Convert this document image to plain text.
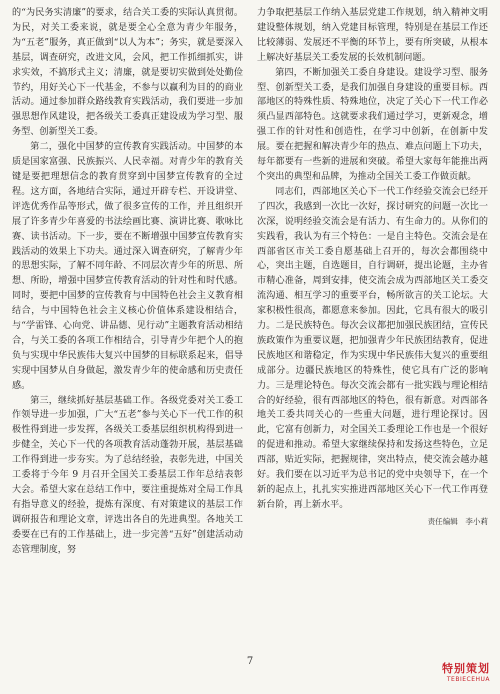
的“为民务实清廉”的要求，结合关工委的实际认真贯彻。为民，对关工委来说，就是要全心全意为青少年服务，为“五老”服务，真正做到“以人为本”；务实，就是要深入基层，调查研究，改进文风，会风，把工作抓细抓实，讲求实效，不搞形式主义；清廉，就是要切实做到处处勤俭节约，用好关心下一代基金，不参与以赢利为目的的商业活动。通过参加群众路线教育实践活动，我们要进一步加强思想作风建设，把各级关工委真正建设成为学习型、服务型、创新型关工委。

第二，强化中国梦的宣传教育实践活动。中国梦的本质是国家富强、民族振兴、人民幸福。对青少年的教育关键是要把理想信念的教育贯穿到中国梦宣传教育的全过程。这方面，各地结合实际，通过开辟专栏、开设讲堂、评选优秀作品等形式，做了很多宣传的工作，并且组织开展了许多青少年喜爱的书法绘画比赛、演讲比赛、歌咏比赛、读书活动。下一步，要在不断增强中国梦宣传教育实践活动的效果上下功夫。通过深入调查研究，了解青少年的思想实际，了解不同年龄、不同层次青少年的所思、所想、所盼，增强中国梦宣传教育活动的针对性和时代感。同时，要把中国梦的宣传教育与中国特色社会主义教育相结合，与中国特色社会主义核心价值体系建设相结合，与“学雷锋、心向党、讲品德、见行动”主题教育活动相结合，与关工委的各项工作相结合，引导青少年把个人的抱负与实现中华民族伟大复兴中国梦的目标联系起来，倡导实现中国梦从自身做起，激发青少年的使命感和历史责任感。

第三，继续抓好基层基础工作。各级党委对关工委工作领导进一步加强，广大“五老”参与关心下一代工作的积极性得到进一步发挥，各级关工委基层组织机构得到进一步健全，关心下一代的各项教育活动蓬勃开展，基层基础工作得到进一步夯实。为了总结经验，表彰先进，中国关工委将于今年 9 月召开全国关工委基层工作年总结表彰大会。希望大家在总结工作中，要注重提炼对全局工作具有指导意义的经验，提炼有深度、有对策建议的基层工作调研报告和理论文章，评选出各自的先进典型。各地关工委要在已有的工作基础上，进一步完善“五好”创建活动动态管理制度，努

力争取把基层工作纳入基层党建工作规划，纳入精神文明建设整体规划，纳入党建目标管理，特别是在基层工作还比较薄弱、发展还不平衡的环节上，要有所突破，从根本上解决好基层关工委发展的长效机制问题。

第四，不断加强关工委自身建设。建设学习型、服务型、创新型关工委，是我们加强自身建设的重要目标。西部地区的特殊性质、特殊地位，决定了关心下一代工作必须凸显西部特色。这就要求我们通过学习，更新观念，增强工作的针对性和创造性，在学习中创新，在创新中发展。要在把握和解决青少年的热点、难点问题上下功夫，每年都要有一些新的进展和突破。希望大家每年能推出两个突出的典型和品牌，为推动全国关工委工作做贡献。

同志们，西部地区关心下一代工作经验交流会已经开了四次，我感到一次比一次好，探讨研究的问题一次比一次深，说明经验交流会是有活力、有生命力的。从你们的实践看，我认为有三个特色：一是自主特色。交流会是在西部省区市关工委自愿基础上召开的，每次会都围绕中心，突出主题，自选题目，自行调研，提出论题，主办省市精心准备，周到安排，使交流会成为西部地区关工委交流沟通、相互学习的重要平台，畅所欲言的关工论坛。大家积极性很高，都愿意来参加。因此，它具有很大的吸引力。二是民族特色。每次会议都把加强民族团结，宣传民族政策作为重要议题，把加强青少年民族团结教育，促进民族地区和谐稳定，作为实现中华民族伟大复兴的重要组成部分。边疆民族地区的特殊性，使它具有广泛的影响力。三是理论特色。每次交流会都有一批实践与理论相结合的好经验，很有西部地区的特色，很有新意。对西部各地关工委共同关心的一些重大问题，进行理论探讨。因此，它富有创新力，对全国关工委理论工作也是一个很好的促进和推动。希望大家继续保持和发扬这些特色，立足西部，贴近实际，把握规律，突出特点，使交流会越办越好。我们要在以习近平为总书记的党中央领导下，在一个新的起点上，扎扎实实推进西部地区关心下一代工作再登新台阶，再上新水平。

责任编辑　李小莉
7
特别策划
TEBIECEHUA
